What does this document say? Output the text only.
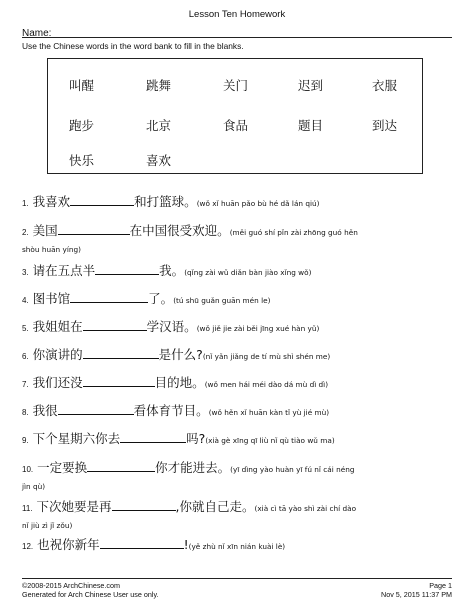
Lesson Ten Homework
Name:
Use the Chinese words in the word bank to fill in the blanks.
叫醒	跳舞	关门	迟到	衣服
跑步	北京	食品	题目	到达
快乐	喜欢
1. 我喜欢	和打篮球。(wǒ xǐ huān pǎo bù hé dǎ lán qiú)
2. 美国	在中国很受欢迎。(měi guó shí pǐn zài zhōng guó hěn
shòu huān yíng)
3. 请在五点半	我。(qǐng zài wǔ diǎn bàn jiào xǐng wǒ)
4. 图书馆	了。(tú shū guǎn guān mén le)
5. 我姐姐在	学汉语。(wǒ jiě jie zài běi jīng xué hàn yǔ)
6. 你演讲的	是什么?(nǐ yǎn jiǎng de tí mù shì shén me)
7. 我们还没	目的地。(wǒ men hái méi dào dá mù dì dì)
8. 我很	看体育节目。(wǒ hěn xǐ huān kàn tǐ yù jié mù)
9. 下个星期六你去	吗?(xià gè xīng qī liù nǐ qù tiào wǔ ma)
10. 一定要换	你才能进去。(yī dìng yào huàn yī fú nǐ cái néng
jìn qù)
11. 下次她要是再	,你就自己走。(xià cì tā yào shì zài chí dào
nǐ jiù zì jǐ zǒu)
12. 也祝你新年	!(yě zhù nǐ xīn nián kuài lè)
©2008-2015 ArchChinese.com
Generated for Arch Chinese User use only.
Page 1
Nov 5, 2015 11:37 PM
